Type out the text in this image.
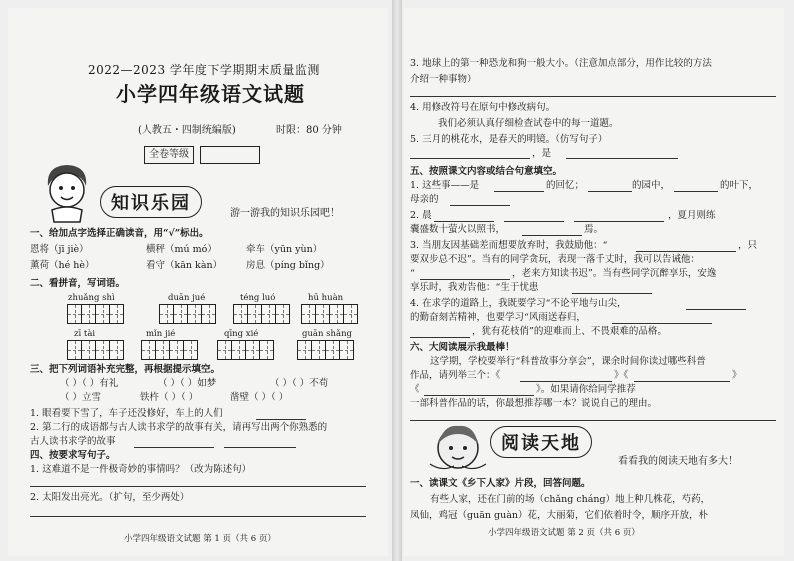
2022—2023 学年度下学期期末质量监测
小学四年级语文试题
(人教五・四制统编版)	时限：80 分钟
全卷等级
知识乐园	游一游我的知识乐园吧！
一、给加点字选择正确读音，用“√”标出。
恩将（jī jiè）	横秤（mú mó）	牵车（yūn yùn）
薰荷（hé hè）	看守（kān kàn）	房息（píng bǐng）
二、看拼音，写词语。
zhuǎng shì	duān jué	téng luó	hū huàn
zī tài	mǐn jié	qīng xié	guān shǎng
三、把下列词语补充完整，再根据提示填空。
（ ）（ ）有礼	（ ）（ ）如梦	（ ）（ ）不苟
（ ）立雪	铁杵（ ）（ ）	凿壁（ ）（ ）
1. 眼看要下雪了，车子还没修好，车上的人们
2. 第二行的成语都与古人读书求学的故事有关，请再写出两个你熟悉的
古人读书求学的故事
四、按要求写句子。
1. 这难道不是一件极奇妙的事情吗？（改为陈述句）
2. 太阳发出亮光。（扩句，至少两处）
小学四年级语文试题 第 1 页（共 6 页）
3. 地球上的第一种恐龙和狗一般大小。（注意加点部分，用作比较的方法
介绍一种事物）
4. 用修改符号在原句中修改病句。
我们必须认真仔细检查试卷中的每一道题。
5. 三月的桃花水，是春天的明镜。（仿写句子）
，是
五、按照课文内容或结合句意填空。
1. 这些事——是	的回忆；	的园中，	的叶下，
母亲的
2. 晨	，夏月则练
囊盛数十萤火以照书，	焉。
3. 当朋友因基础差而想要放弃时，我鼓励他：“	，只
要双步总不迟”。当有的同学贪玩，表现一落千丈时，我可以告诫他：
“	，老来方知读书迟”。当有些同学沉醉享乐，安逸
享乐时，我劝告他：“生于忧患
4. 在求学的道路上，我既要学习“不论平地与山尖，
的勤奋刻苦精神，也要学习“风雨送春归，
，犹有花枝俏”的迎难而上、不畏艰难的品格。
六、大阅读展示我最棒！
这学期，学校要举行“科普故事分享会”，课余时间你读过哪些科普
作品，请列举三个：《	》《	》
《	》。如果请你给同学推荐
一部科普作品的话，你最想推荐哪一本？说说自己的理由。
阅读天地
看看我的阅读天地有多大！
一、读课文《乡下人家》片段，回答问题。
有些人家，还在门前的场（chǎng cháng）地上种几株花，芍药，
凤仙，鸡冠（guān guàn）花，大丽菊，它们依着时令，顺序开放，朴
小学四年级语文试题 第 2 页（共 6 页）
